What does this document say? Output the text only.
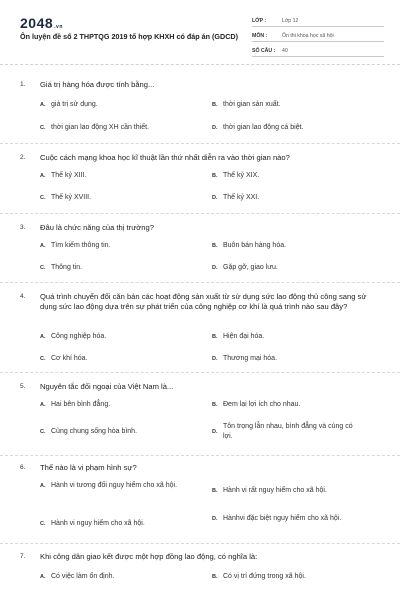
2048.vn
Ôn luyện đề số 2 THPTQG 2019 tổ hợp KHXH có đáp án (GDCD)
LỚP :	Lớp 12
MÔN :	Ôn thi khoa học xã hội
SỐ CÂU :	40
1. Giá trị hàng hóa được tính bằng...
A. giá trị sử dụng.	B. thời gian sản xuất.
C. thời gian lao động XH cần thiết.	D. thời gian lao động cá biệt.
2. Cuộc cách mạng khoa học kĩ thuật lần thứ nhất diễn ra vào thời gian nào?
A. Thế kỷ XIII.	B. Thế kỷ XIX.
C. Thế kỷ XVIII.	D. Thế kỷ XXI.
3. Đâu là chức năng của thị trường?
A. Tìm kiếm thông tin.	B. Buôn bán hàng hóa.
C. Thông tin.	D. Gặp gỡ, giao lưu.
4. Quá trình chuyển đổi căn bản các hoạt động sản xuất từ sử dụng sức lao động thủ công sang sử dụng sức lao động dựa trên sự phát triển của công nghiệp cơ khí là quá trình nào sau đây?
A. Công nghiệp hóa.	B. Hiện đại hóa.
C. Cơ khí hóa.	D. Thương mại hóa.
5. Nguyên tắc đối ngoại của Việt Nam là...
A. Hai bên bình đẳng.	B. Đem lại lợi ích cho nhau.
C. Cùng chung sống hòa bình.	D.
Tôn trọng lẫn nhau, bình đẳng và cùng có lợi.
6. Thế nào là vi phạm hình sự?
A. Hành vi tương đối nguy hiểm cho xã hội.
B. Hành vi rất nguy hiểm cho xã hội.
C. Hành vi nguy hiểm cho xã hội.
D. Hànhvi đặc biệt nguy hiểm cho xã hội.
7. Khi công dân giao kết được một hợp đồng lao động, có nghĩa là:
A. Có việc làm ổn định.	B. Có vị trí đứng trong xã hội.
